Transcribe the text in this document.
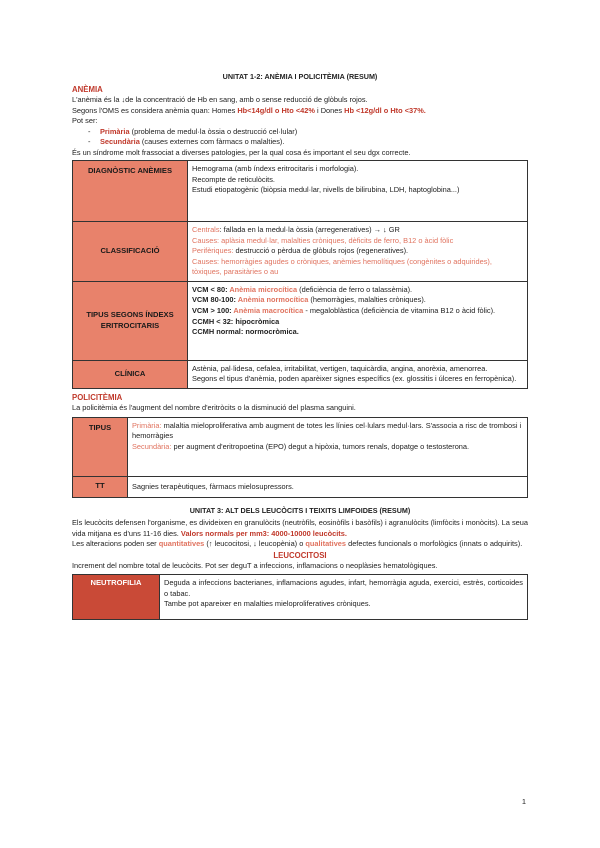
UNITAT 1-2: ANÈMIA I POLICITÈMIA (RESUM)
ANÈMIA

L'anèmia és la ↓de la concentració de Hb en sang, amb o sense reducció de glòbuls rojos.

Segons l'OMS es considera anèmia quan: Homes Hb<14g/dl o Hto <42% i Dones Hb <12g/dl o Hto <37%.

Pot ser:

- Primària (problema de medul·la òssia o destrucció cel·lular)
- Secundària (causes externes com fàrmacs o malalties).

És un síndrome molt frassociat a diverses patologies, per la qual cosa és important el seu dgx correcte.

DIAGNÒSTIC ANÈMIES	Hemograma (amb índexs eritrocitaris i morfologia).
Recompte de reticulòcits.
Estudi etiopatogènic (biòpsia medul·lar, nivells de bilirubina, LDH, haptoglobina...)

CLASSIFICACIÓ	Centrals: fallada en la medul·la òssia (arregeneratives) → ↓ GR
Causes: aplàsia medul·lar, malalties cròniques, dèficits de ferro, B12 o àcid fòlic
Perifèriques: destrucció o pèrdua de glòbuls rojos (regeneratives).
Causes: hemorràgies agudes o cròniques, anèmies hemolítiques (congènites o adquirides), tòxiques, parasitàries o au

TIPUS SEGONS ÍNDEXS ERITROCITARIS	VCM < 80: Anèmia microcítica (deficiència de ferro o talassèmia).
VCM 80-100: Anèmia normocítica (hemorràgies, malalties cròniques).
VCM > 100: Anèmia macrocítica - megaloblàstica (deficiència de vitamina B12 o àcid fòlic).
CCMH < 32: hipocròmica
CCMH normal: normocròmica.

CLÍNICA	Astènia, pal·lidesa, cefalea, irritabilitat, vertigen, taquicàrdia, angina, anorèxia, amenorrea.
Segons el tipus d'anèmia, poden aparèixer signes específics (ex. glossitis i úlceres en ferropènica).
POLICITÈMIA

La policitèmia és l'augment del nombre d'eritròcits o la disminució del plasma sanguini.

TIPUS	Primària: malaltia mieloproliferativa amb augment de totes les línies cel·lulars medul·lars. S'associa a risc de trombosi i hemorràgies
Secundària: per augment d'eritropoetina (EPO) degut a hipòxia, tumors renals, dopatge o testosterona.

TT	Sagnies terapèutiques, fàrmacs mielosupressors.
UNITAT 3: ALT DELS LEUCÒCITS I TEIXITS LIMFOIDES (RESUM)

Els leucòcits defensen l'organisme, es divideixen en granulòcits (neutròfils, eosinòfils i basòfils) i agranulòcits (limfòcits i monòcits). La seua vida mitjana es d'uns 11-16 dies. Valors normals per mm3: 4000-10000 leucòcits.

Les alteracions poden ser quantitatives (↑ leucocitosi, ↓ leucopènia) o qualitatives defectes funcionals o morfològics (innats o adquirits).

LEUCOCITOSI

Increment del nombre total de leucòcits. Pot ser deguT a infeccions, inflamacions o neoplàsies hematològiques.

NEUTROFILIA	Deguda a infeccions bacterianes, inflamacions agudes, infart, hemorràgia aguda, exercici, estrès, corticoides o tabac.
Tambe pot apareixer en malalties mieloproliferatives cròniques.
1
